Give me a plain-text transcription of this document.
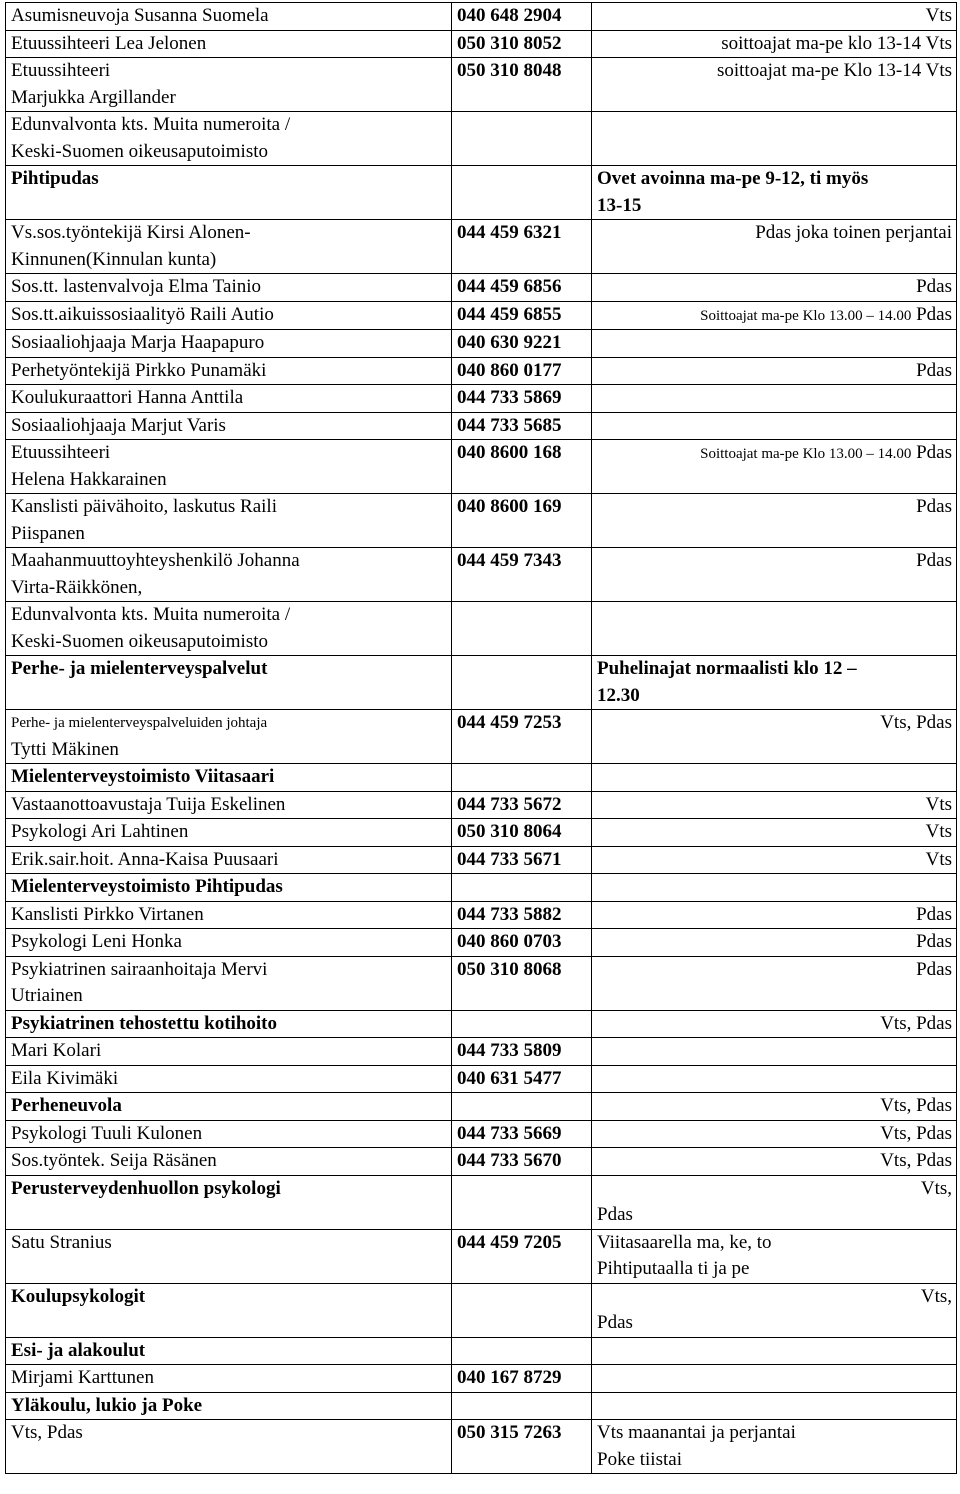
Asumisneuvoja Susanna Suomela	040 648 2904	Vts

Etuussihteeri Lea Jelonen	050 310 8052	soittoajat ma-pe klo 13-14 Vts

Etuussihteeri
Marjukka Argillander	050 310 8048	soittoajat ma-pe Klo 13-14 Vts

Edunvalvonta kts. Muita numeroita /
Keski-Suomen oikeusaputoimisto		

Pihtipudas		Ovet avoinna ma-pe 9-12, ti myös
13-15

Vs.sos.työntekijä Kirsi Alonen-
Kinnunen(Kinnulan kunta)	044 459 6321	Pdas joka toinen perjantai

Sos.tt. lastenvalvoja Elma Tainio	044 459 6856	Pdas

Sos.tt.aikuissosiaalityö Raili Autio	044 459 6855	Soittoajat ma-pe Klo 13.00 – 14.00 Pdas

Sosiaaliohjaaja Marja Haapapuro	040 630 9221	

Perhetyöntekijä Pirkko Punamäki	040 860 0177	Pdas

Koulukuraattori Hanna Anttila	044 733 5869	

Sosiaaliohjaaja Marjut Varis	044 733 5685	

Etuussihteeri
Helena Hakkarainen	040 8600 168	Soittoajat ma-pe Klo 13.00 – 14.00 Pdas

Kanslisti päivähoito, laskutus Raili
Piispanen	040 8600 169	Pdas

Maahanmuuttoyhteyshenkilö Johanna
Virta-Räikkönen,	044 459 7343	Pdas

Edunvalvonta kts. Muita numeroita /
Keski-Suomen oikeusaputoimisto		

Perhe- ja mielenterveyspalvelut		Puhelinajat normaalisti klo 12 –
12.30

Perhe- ja mielenterveyspalveluiden johtaja
Tytti Mäkinen	044 459 7253	Vts, Pdas

Mielenterveystoimisto Viitasaari		

Vastaanottoavustaja Tuija Eskelinen	044 733 5672	Vts

Psykologi Ari Lahtinen	050 310 8064	Vts

Erik.sair.hoit. Anna-Kaisa Puusaari	044 733 5671	Vts

Mielenterveystoimisto Pihtipudas		

Kanslisti Pirkko Virtanen	044 733 5882	Pdas

Psykologi Leni Honka	040 860 0703	Pdas

Psykiatrinen sairaanhoitaja Mervi
Utriainen	050 310 8068	Pdas

Psykiatrinen tehostettu kotihoito		Vts, Pdas

Mari Kolari	044 733 5809	

Eila Kivimäki	040 631 5477	

Perheneuvola		Vts, Pdas

Psykologi Tuuli Kulonen	044 733 5669	Vts, Pdas

Sos.työntek. Seija Räsänen	044 733 5670	Vts, Pdas

Perusterveydenhuollon psykologi		Vts,
Pdas

Satu Stranius	044 459 7205	Viitasaarella ma, ke, to
Pihtiputaalla ti ja pe

Koulupsykologit		Vts,
Pdas

Esi- ja alakoulut		

Mirjami Karttunen	040 167 8729	

Yläkoulu, lukio ja Poke		

Vts, Pdas	050 315 7263	Vts maanantai ja perjantai
Poke tiistai
